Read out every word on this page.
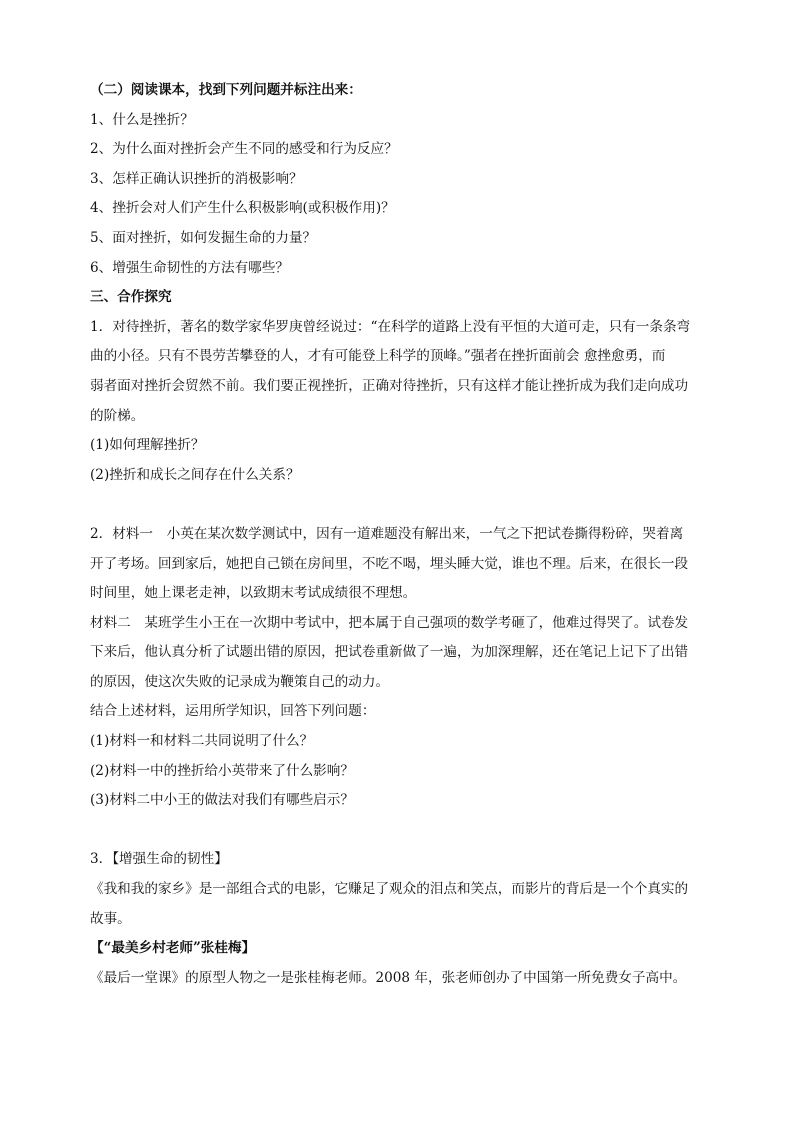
（二）阅读课本，找到下列问题并标注出来：
1、什么是挫折？
2、为什么面对挫折会产生不同的感受和行为反应？
3、怎样正确认识挫折的消极影响？
4、挫折会对人们产生什么积极影响(或积极作用)？
5、面对挫折，如何发掘生命的力量？
6、增强生命韧性的方法有哪些？
三、合作探究
1．对待挫折，著名的数学家华罗庚曾经说过：“在科学的道路上没有平恒的大道可走，只有一条条弯
曲的小径。只有不畏劳苦攀登的人，才有可能登上科学的顶峰。”强者在挫折面前会 愈挫愈勇，而
弱者面对挫折会贸然不前。我们要正视挫折，正确对待挫折，只有这样才能让挫折成为我们走向成功
的阶梯。
(1)如何理解挫折？
(2)挫折和成长之间存在什么关系？
2．材料一　小英在某次数学测试中，因有一道难题没有解出来，一气之下把试卷撕得粉碎，哭着离
开了考场。回到家后，她把自己锁在房间里，不吃不喝，埋头睡大觉，谁也不理。后来，在很长一段
时间里，她上课老走神，以致期末考试成绩很不理想。
材料二　某班学生小王在一次期中考试中，把本属于自己强项的数学考砸了，他难过得哭了。试卷发
下来后，他认真分析了试题出错的原因，把试卷重新做了一遍，为加深理解，还在笔记上记下了出错
的原因，使这次失败的记录成为鞭策自己的动力。
结合上述材料，运用所学知识，回答下列问题：
(1)材料一和材料二共同说明了什么？
(2)材料一中的挫折给小英带来了什么影响？
(3)材料二中小王的做法对我们有哪些启示？
3．【增强生命的韧性】
《我和我的家乡》是一部组合式的电影，它赚足了观众的泪点和笑点，而影片的背后是一个个真实的
故事。
【“最美乡村老师”张桂梅】
《最后一堂课》的原型人物之一是张桂梅老师。2008 年，张老师创办了中国第一所免费女子高中。
